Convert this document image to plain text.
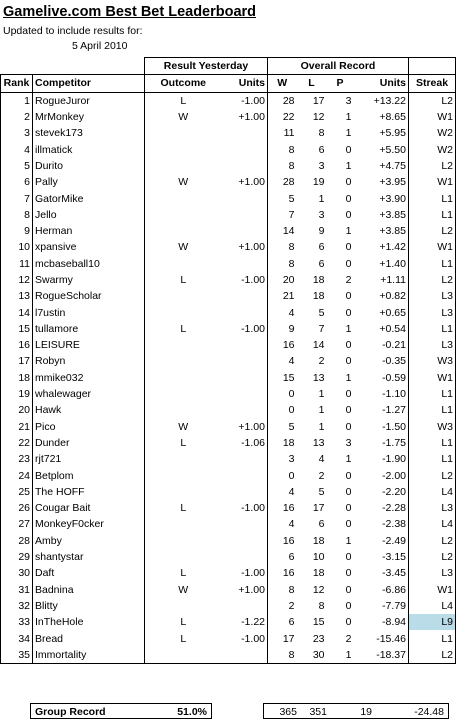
Gamelive.com Best Bet Leaderboard
Updated to include results for:
5 April 2010
		Result Yesterday		Overall Record				
Rank	Competitor	Outcome	Units	W	L	P	Units	Streak
1	RogueJuror	L	-1.00	28	17	3	+13.22	L2
2	MrMonkey	W	+1.00	22	12	1	+8.65	W1
3	stevek173			11	8	1	+5.95	W2
4	illmatick			8	6	0	+5.50	W2
5	Durito			8	3	1	+4.75	L2
6	Pally	W	+1.00	28	19	0	+3.95	W1
7	GatorMike			5	1	0	+3.90	L1
8	Jello			7	3	0	+3.85	L1
9	Herman			14	9	1	+3.85	L2
10	xpansive	W	+1.00	8	6	0	+1.42	W1
11	mcbaseball10			8	6	0	+1.40	L1
12	Swarmy	L	-1.00	20	18	2	+1.11	L2
13	RogueScholar			21	18	0	+0.82	L3
14	l7ustin			4	5	0	+0.65	L3
15	tullamore	L	-1.00	9	7	1	+0.54	L1
16	LEISURE			16	14	0	-0.21	L3
17	Robyn			4	2	0	-0.35	W3
18	mmike032			15	13	1	-0.59	W1
19	whalewager			0	1	0	-1.10	L1
20	Hawk			0	1	0	-1.27	L1
21	Pico	W	+1.00	5	1	0	-1.50	W3
22	Dunder	L	-1.06	18	13	3	-1.75	L1
23	rjt721			3	4	1	-1.90	L1
24	Betplom			0	2	0	-2.00	L2
25	The HOFF			4	5	0	-2.20	L4
26	Cougar Bait	L	-1.00	16	17	0	-2.28	L3
27	MonkeyF0cker			4	6	0	-2.38	L4
28	Amby			16	18	1	-2.49	L2
29	shantystar			6	10	0	-3.15	L2
30	Daft	L	-1.00	16	18	0	-3.45	L3
31	Badnina	W	+1.00	8	12	0	-6.86	W1
32	Blitty			2	8	0	-7.79	L4
33	InTheHole	L	-1.22	6	15	0	-8.94	L9
34	Bread	L	-1.00	17	23	2	-15.46	L1
35	Immortality			8	30	1	-18.37	L2
Group Record	51.0%	365	351	19	-24.48
